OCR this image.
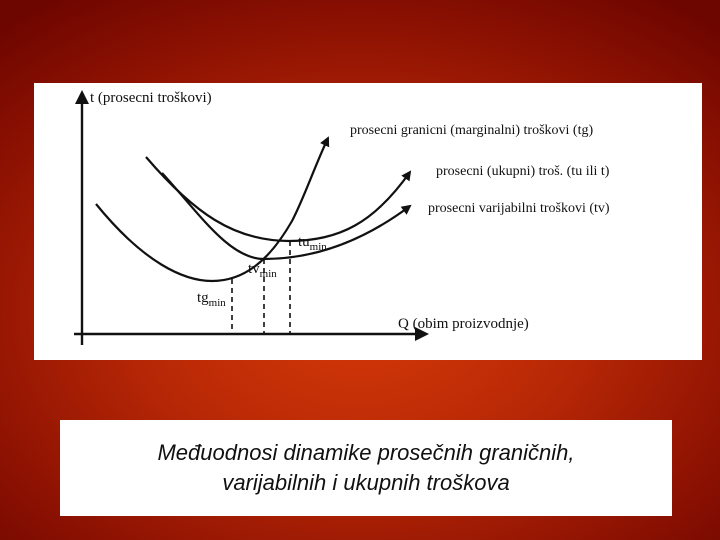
t (prosecni troškovi)
Q (obim proizvodnje)
prosecni granicni (marginalni) troškovi (tg)
prosecni (ukupni) troš. (tu ili t)
prosecni varijabilni troškovi (tv)
$tg_{min}$
$tv_{min}$
$tu_{min}$
Međuodnosi dinamike prosečnih graničnih,
varijabilnih i ukupnih troškova
